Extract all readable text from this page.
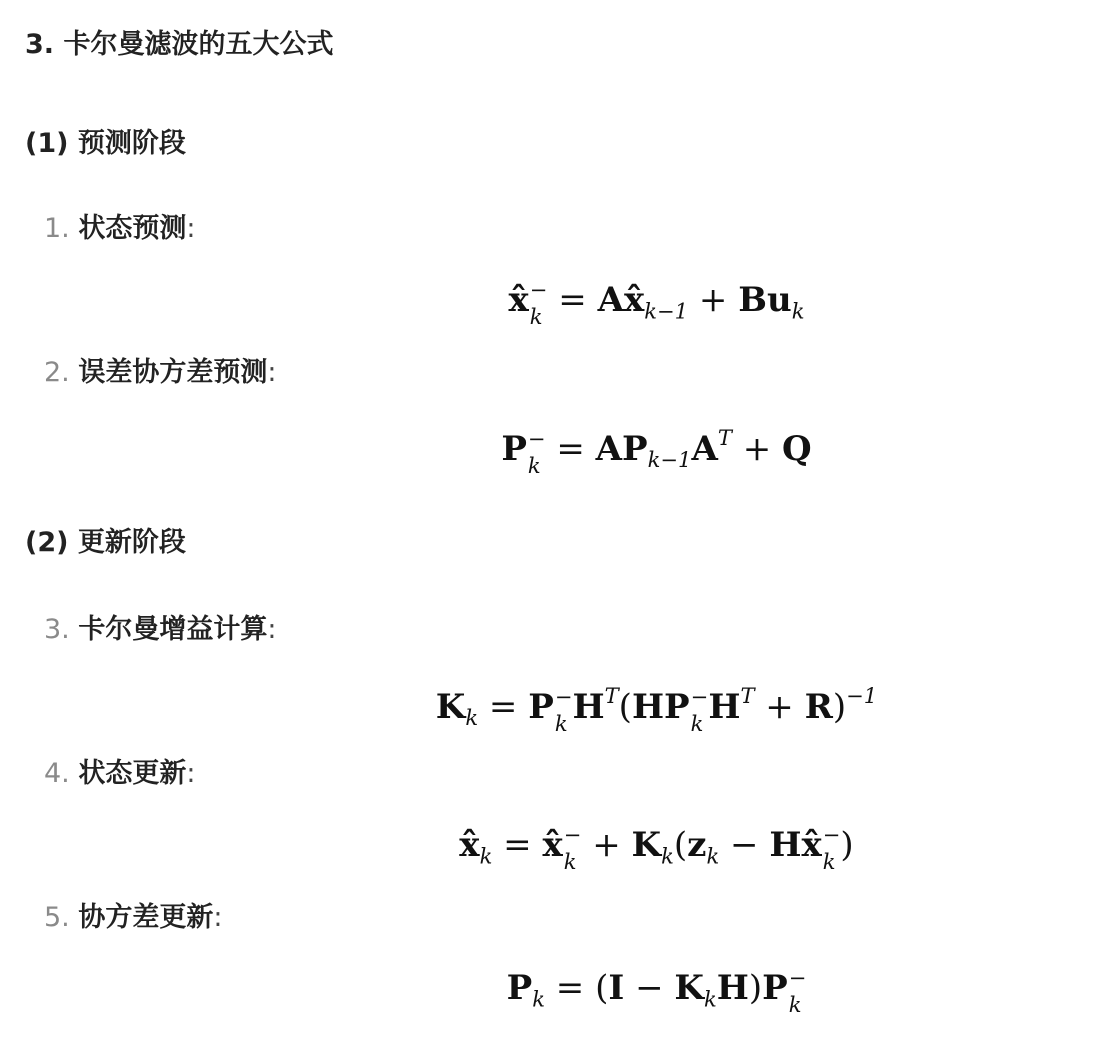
3. 卡尔曼滤波的五大公式
(1) 预测阶段
1. 状态预测:
x̂ −
$k = Ax̂_{k-1} + Bu_k$
2. 误差协方差预测:
P −
$k = AP_{k-1}A^T + Q$
(2) 更新阶段
3. 卡尔曼增益计算:
$K_k = P$ −
k $H^T(HP$ −
k $H^T + R)^{-1}$
4. 状态更新:
$x̂_k$ = x̂ −
$k + K_k(z_k$ − Hx̂ −
k )
5. 协方差更新:
$P_k = (I - K_kH)P$ −
k
